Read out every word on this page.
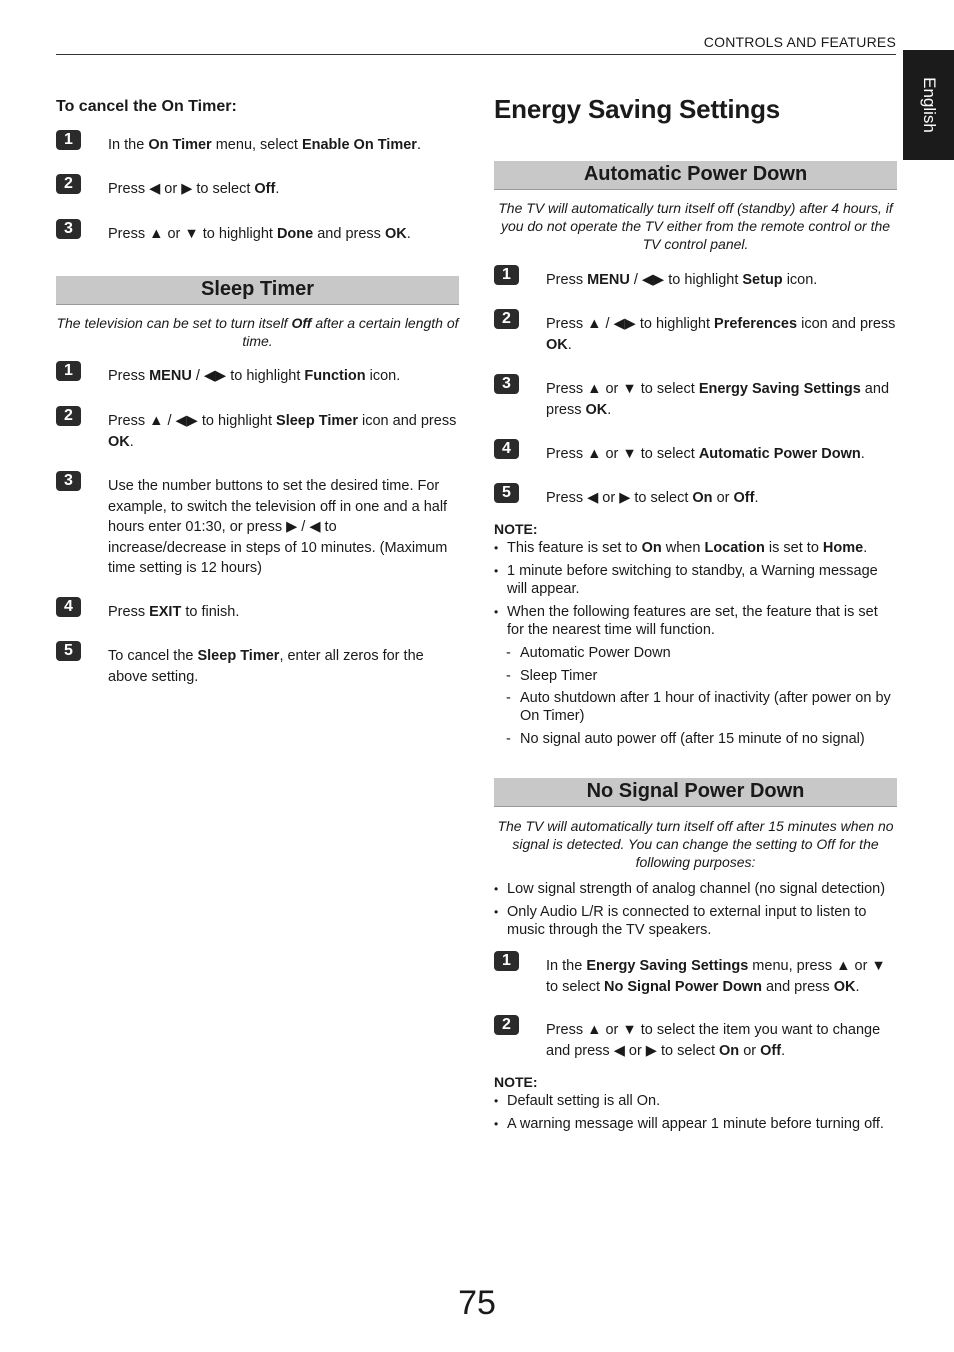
CONTROLS AND FEATURES
English
To cancel the On Timer:
1	In the On Timer menu, select Enable On Timer.
2	Press ◀ or ▶ to select Off.
3	Press ▲ or ▼ to highlight Done and press OK.
Sleep Timer
The television can be set to turn itself Off after a certain length of time.
1	Press MENU / ◀▶ to highlight Function icon.
2	Press ▲ / ◀▶ to highlight Sleep Timer icon and press OK.
3	Use the number buttons to set the desired time. For example, to switch the television off in one and a half hours enter 01:30, or press ▶ / ◀ to increase/decrease in steps of 10 minutes. (Maximum time setting is 12 hours)
4	Press EXIT to finish.
5	To cancel the Sleep Timer, enter all zeros for the above setting.
Energy Saving Settings
Automatic Power Down
The TV will automatically turn itself off (standby) after 4 hours, if you do not operate the TV either from the remote control or the TV control panel.
1	Press MENU / ◀▶ to highlight Setup icon.
2	Press ▲ / ◀▶ to highlight Preferences icon and press OK.
3	Press ▲ or ▼ to select Energy Saving Settings and press OK.
4	Press ▲ or ▼ to select Automatic Power Down.
5	Press ◀ or ▶ to select On or Off.
NOTE:
• This feature is set to On when Location is set to Home.
• 1 minute before switching to standby, a Warning message will appear.
• When the following features are set, the feature that is set for the nearest time will function.
- Automatic Power Down
- Sleep Timer
- Auto shutdown after 1 hour of inactivity (after power on by On Timer)
- No signal auto power off (after 15 minute of no signal)
No Signal Power Down
The TV will automatically turn itself off after 15 minutes when no signal is detected. You can change the setting to Off for the following purposes:
• Low signal strength of analog channel (no signal detection)
• Only Audio L/R is connected to external input to listen to music through the TV speakers.
1	In the Energy Saving Settings menu, press ▲ or ▼ to select No Signal Power Down and press OK.
2	Press ▲ or ▼ to select the item you want to change and press ◀ or ▶ to select On or Off.
NOTE:
• Default setting is all On.
• A warning message will appear 1 minute before turning off.
75
